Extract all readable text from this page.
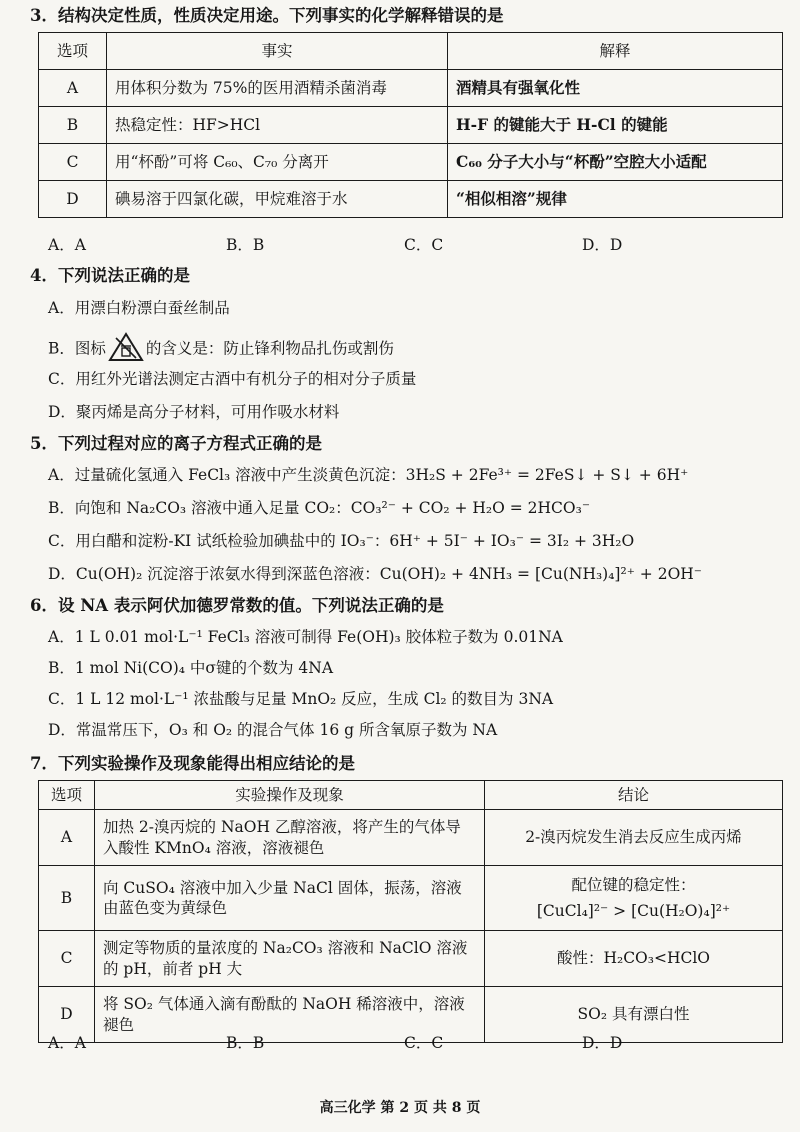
3．结构决定性质，性质决定用途。下列事实的化学解释错误的是
选项	事实	解释
A	用体积分数为 75%的医用酒精杀菌消毒	酒精具有强氧化性
B	热稳定性：HF>HCl	H-F 的键能大于 H-Cl 的键能
C	用“杯酚”可将 C₆₀、C₇₀ 分离开	C₆₀ 分子大小与“杯酚”空腔大小适配
D	碘易溶于四氯化碳，甲烷难溶于水	“相似相溶”规律
A．A	B．B	C．C	D．D
4．下列说法正确的是
A．用漂白粉漂白蚕丝制品
B．图标	的含义是：防止锋利物品扎伤或割伤
C．用红外光谱法测定古酒中有机分子的相对分子质量
D．聚丙烯是高分子材料，可用作吸水材料
5．下列过程对应的离子方程式正确的是
A．过量硫化氢通入 FeCl₃ 溶液中产生淡黄色沉淀：3H₂S + 2Fe³⁺ = 2FeS↓ + S↓ + 6H⁺
B．向饱和 Na₂CO₃ 溶液中通入足量 CO₂：CO₃²⁻ + CO₂ + H₂O = 2HCO₃⁻
C．用白醋和淀粉-KI 试纸检验加碘盐中的 IO₃⁻：6H⁺ + 5I⁻ + IO₃⁻ = 3I₂ + 3H₂O
D．Cu(OH)₂ 沉淀溶于浓氨水得到深蓝色溶液：Cu(OH)₂ + 4NH₃ = [Cu(NH₃)₄]²⁺ + 2OH⁻
6．设 NA 表示阿伏加德罗常数的值。下列说法正确的是
A．1 L 0.01 mol·L⁻¹ FeCl₃ 溶液可制得 Fe(OH)₃ 胶体粒子数为 0.01NA
B．1 mol Ni(CO)₄ 中σ键的个数为 4NA
C．1 L 12 mol·L⁻¹ 浓盐酸与足量 MnO₂ 反应，生成 Cl₂ 的数目为 3NA
D．常温常压下，O₃ 和 O₂ 的混合气体 16 g 所含氧原子数为 NA
7．下列实验操作及现象能得出相应结论的是
选项	实验操作及现象	结论
A	加热 2-溴丙烷的 NaOH 乙醇溶液，将产生的气体导入酸性 KMnO₄ 溶液，溶液褪色	2-溴丙烷发生消去反应生成丙烯
B	向 CuSO₄ 溶液中加入少量 NaCl 固体，振荡，溶液由蓝色变为黄绿色	配位键的稳定性：
[CuCl₄]²⁻ > [Cu(H₂O)₄]²⁺

C	测定等物质的量浓度的 Na₂CO₃ 溶液和 NaClO 溶液的 pH，前者 pH 大	酸性：H₂CO₃<HClO
D	将 SO₂ 气体通入滴有酚酞的 NaOH 稀溶液中，溶液褪色	SO₂ 具有漂白性
A．A	B．B	C．C	D．D
高三化学 第 2 页 共 8 页
